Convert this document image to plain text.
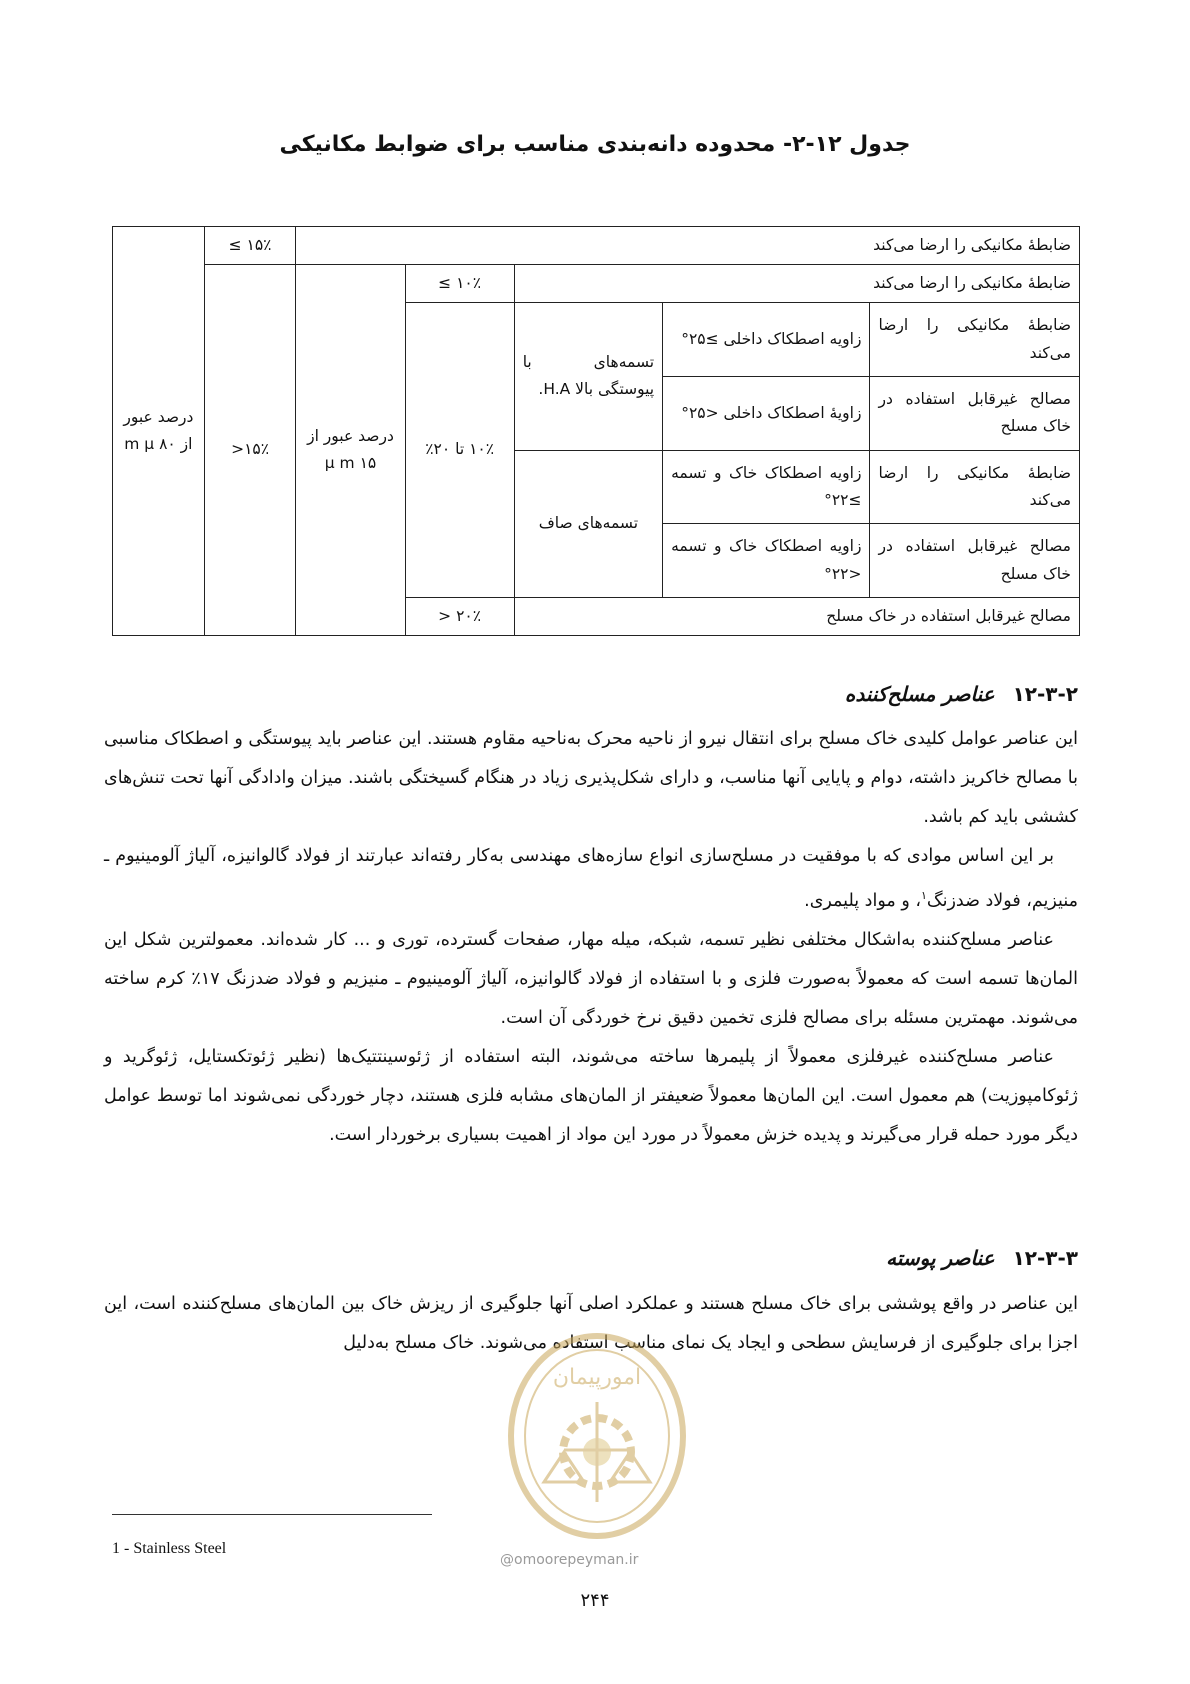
جدول ۱۲-۲- محدوده دانه‌بندی مناسب برای ضوابط مکانیکی
ضابطهٔ مکانیکی را ارضا می‌کند					۱۵٪ ≥	درصد عبور از ۸۰ m μ
ضابطهٔ مکانیکی را ارضا می‌کند			۱۰٪ ≥	درصد عبور از ۱۵ μ m	۱۵٪<	
ضابطهٔ مکانیکی را ارضا می‌کند	زاویه اصطکاک داخلی ≥۲۵°	تسمه‌های با پیوستگی بالا H.A.	۱۰٪ تا ۲۰٪			
مصالح غیرقابل استفاده در خاک مسلح	زاویهٔ اصطکاک داخلی <۲۵°					
ضابطهٔ مکانیکی را ارضا می‌کند	زاویه اصطکاک خاک و تسمه ≥۲۲°	تسمه‌های صاف				
مصالح غیرقابل استفاده در خاک مسلح	زاویه اصطکاک خاک و تسمه <۲۲°					
مصالح غیرقابل استفاده در خاک مسلح			۲۰٪ <			
۱۲-۳-۲عناصر مسلح‌کننده

این عناصر عوامل کلیدی خاک مسلح برای انتقال نیرو از ناحیه محرک به‌ناحیه مقاوم هستند. این عناصر باید پیوستگی و اصطکاک مناسبی با مصالح خاکریز داشته، دوام و پایایی آنها مناسب، و دارای شکل‌پذیری زیاد در هنگام گسیختگی باشند. میزان وادادگی آنها تحت تنش‌های کششی باید کم باشد.

بر این اساس موادی که با موفقیت در مسلح‌سازی انواع سازه‌های مهندسی به‌کار رفته‌اند عبارتند از فولاد گالوانیزه، آلیاژ آلومینیوم ـ منیزیم، فولاد ضدزنگ$^۱$، و مواد پلیمری.

عناصر مسلح‌کننده به‌اشکال مختلفی نظیر تسمه، شبکه، میله مهار، صفحات گسترده، توری و ... کار شده‌اند. معمولترین شکل این المان‌ها تسمه است که معمولاً به‌صورت فلزی و با استفاده از فولاد گالوانیزه، آلیاژ آلومینیوم ـ منیزیم و فولاد ضدزنگ ۱۷٪ کرم ساخته می‌شوند. مهمترین مسئله برای مصالح فلزی تخمین دقیق نرخ خوردگی آن است.

عناصر مسلح‌کننده غیرفلزی معمولاً از پلیمرها ساخته می‌شوند، البته استفاده از ژئوسینتتیک‌ها (نظیر ژئوتکستایل، ژئوگرید و ژئوکامپوزیت) هم معمول است. این المان‌ها معمولاً ضعیفتر از المان‌های مشابه فلزی هستند، دچار خوردگی نمی‌شوند اما توسط عوامل دیگر مورد حمله قرار می‌گیرند و پدیده خزش معمولاً در مورد این مواد از اهمیت بسیاری برخوردار است.

۱۲-۳-۳عناصر پوسته

این عناصر در واقع پوششی برای خاک مسلح هستند و عملکرد اصلی آنها جلوگیری از ریزش خاک بین المان‌های مسلح‌کننده است، این اجزا برای جلوگیری از فرسایش سطحی و ایجاد یک نمای مناسب استفاده می‌شوند. خاک مسلح به‌دلیل

امورپیمان
@omoorepeyman.ir
1 - Stainless Steel
۲۴۴
